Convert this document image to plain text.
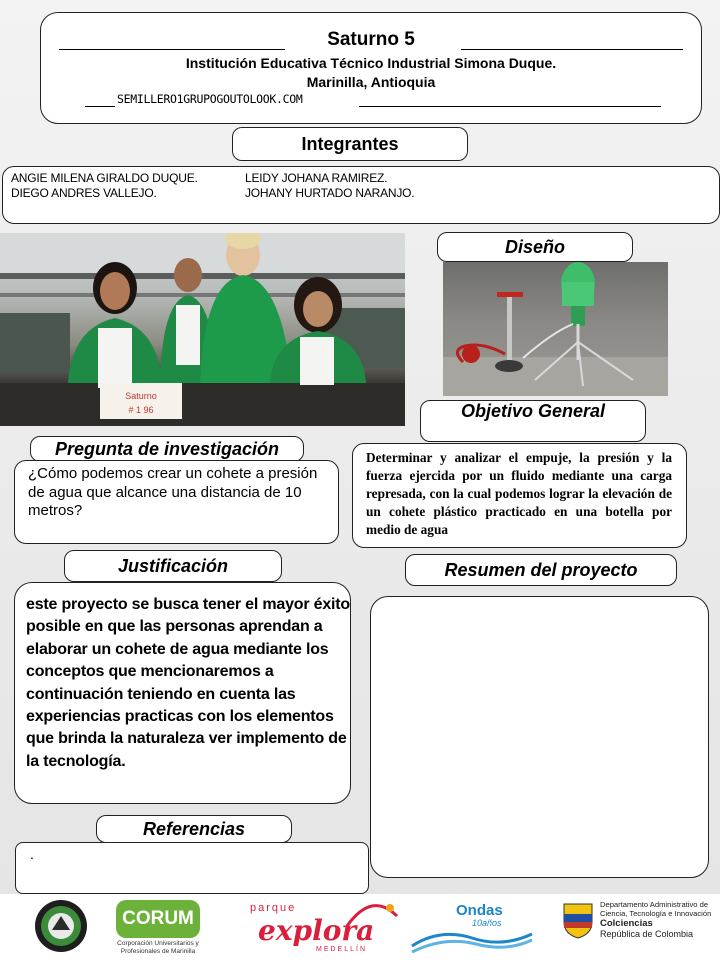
Saturno 5
Institución Educativa Técnico Industrial Simona Duque.
Marinilla, Antioquia
SEMILLERO1GRUPOGOUTOLOOK.COM
Integrantes
ANGIE MILENA GIRALDO DUQUE.	LEIDY JOHANA RAMIREZ.
DIEGO ANDRES VALLEJO.	JOHANY HURTADO NARANJO.
Saturno
# 1 96
Diseño
Objetivo General
Determinar y analizar el empuje, la presión y la fuerza ejercida por un fluido mediante una carga represada, con la cual podemos lograr la elevación de un cohete plástico practicado en una botella por medio de agua
Pregunta de investigación
¿Cómo podemos crear un cohete a presión de agua que alcance una distancia de 10 metros?
Justificación
este proyecto se busca tener el mayor éxito posible en que las personas aprendan a elaborar un cohete de agua mediante los conceptos que mencionaremos a continuación teniendo en cuenta las experiencias practicas con los elementos que brinda la naturaleza ver implemento de la tecnología.
Resumen del proyecto
Referencias
.
CORUM
Corporación Universitarios y Profesionales de Marinilla
parque
explora
MEDELLÍN
Ondas
10años
Departamento Administrativo de
Ciencia, Tecnología e Innovación
Colciencias
República de Colombia
